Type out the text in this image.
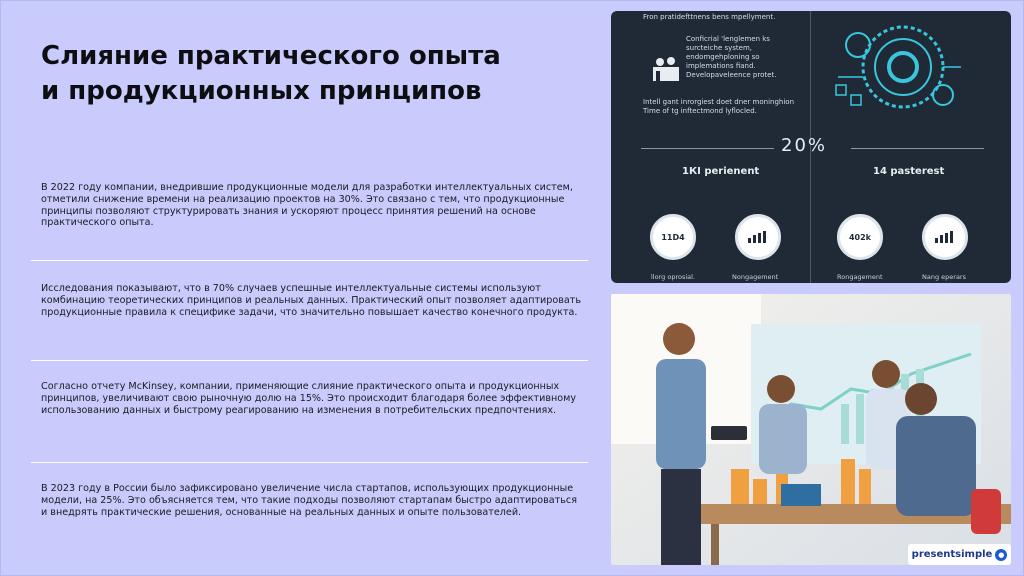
Слияние практического опыта
и продукционных принципов

В 2022 году компании, внедрившие продукционные модели для разработки интеллектуальных систем, отметили снижение времени на реализацию проектов на 30%. Это связано с тем, что продукционные принципы позволяют структурировать знания и ускоряют процесс принятия решений на основе практического опыта.

Исследования показывают, что в 70% случаев успешные интеллектуальные системы используют комбинацию теоретических принципов и реальных данных. Практический опыт позволяет адаптировать продукционные правила к специфике задачи, что значительно повышает качество конечного продукта.

Согласно отчету McKinsey, компании, применяющие слияние практического опыта и продукционных принципов, увеличивают свою рыночную долю на 15%. Это происходит благодаря более эффективному использованию данных и быстрому реагированию на изменения в потребительских предпочтениях.

В 2023 году в России было зафиксировано увеличение числа стартапов, использующих продукционные модели, на 25%. Это объясняется тем, что такие подходы позволяют стартапам быстро адаптироваться и внедрять практические решения, основанные на реальных данных и опыте пользователей.

Fron pratidefttnens bens mpellyment.
Conficrial 'lenglemen ks surcteiche system, endomgehploning so implemations fiand. Developaveleence protet.
Intell gant inrorgiest doet dner moninghion Time of tg inftectmond lyflocled.
20%
1КI perienent	14 pasterest
11D4	402k
llorg oprosial.	Nongagement	Rongagement	Nang eperars
presentsimple ●
